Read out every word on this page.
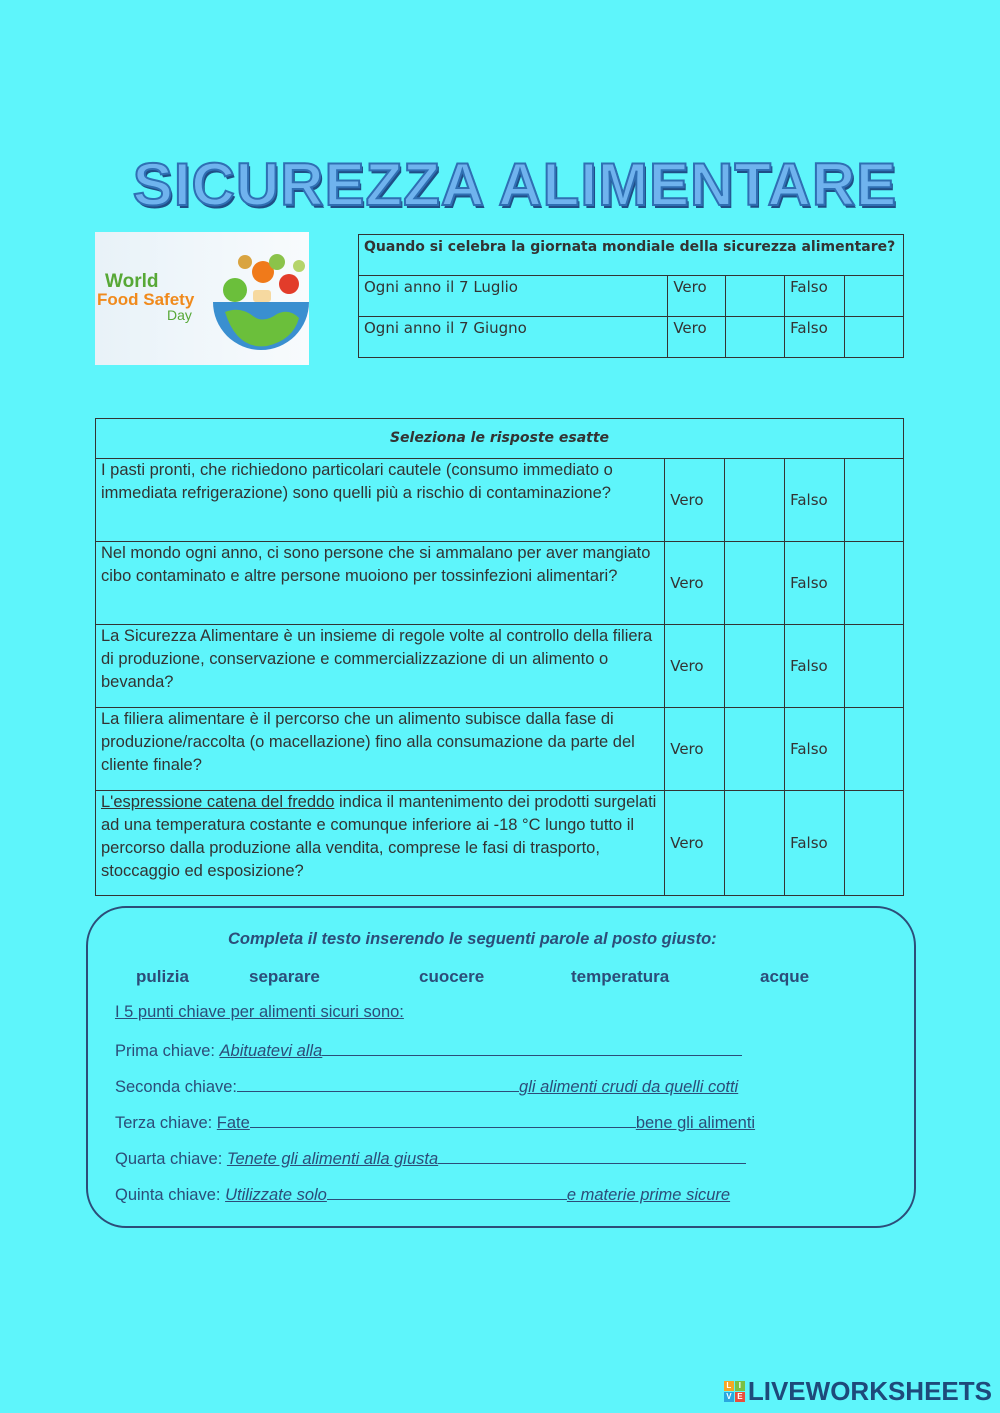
SICUREZZA ALIMENTARE
World
Food Safety
Day
Quando si celebra la giornata mondiale della sicurezza alimentare?				
Ogni anno il 7 Luglio	Vero		Falso	
Ogni anno il 7 Giugno	Vero		Falso	
Seleziona le risposte esatte				
I pasti pronti, che richiedono particolari cautele (consumo immediato o immediata refrigerazione) sono quelli più a rischio di contaminazione?	Vero		Falso	
Nel mondo ogni anno, ci sono persone che si ammalano per aver mangiato cibo contaminato e altre persone muoiono per tossinfezioni alimentari?	Vero		Falso	
La Sicurezza Alimentare è un insieme di regole volte al controllo della filiera di produzione, conservazione e commercializzazione di un alimento o bevanda?	Vero		Falso	
La filiera alimentare è il percorso che un alimento subisce dalla fase di produzione/raccolta (o macellazione) fino alla consumazione da parte del cliente finale?	Vero		Falso	
L'espressione catena del freddo indica il mantenimento dei prodotti surgelati ad una temperatura costante e comunque inferiore ai -18 °C lungo tutto il percorso dalla produzione alla vendita, comprese le fasi di trasporto, stoccaggio ed esposizione?	Vero		Falso	
Completa il testo inserendo le seguenti parole al posto giusto:
pulizia	separare	cuocere	temperatura	acque
I 5 punti chiave per alimenti sicuri sono:
Prima chiave: Abituatevi alla
Seconda chiave:	gli alimenti crudi da quelli cotti
Terza chiave: Fate	bene gli alimenti
Quarta chiave: Tenete gli alimenti alla giusta
Quinta chiave: Utilizzate solo	e materie prime sicure
L I
V E LIVEWORKSHEETS
